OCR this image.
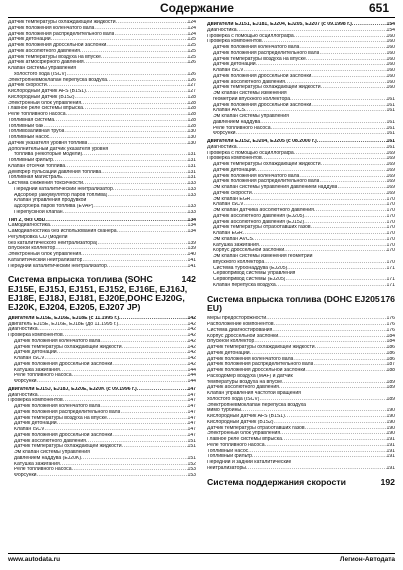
Содержание	651
Датчик температуры охлаждающей жидкости .....	124
Датчик положения коленчатого вала .....	124
Датчик положения распределительного вала .....	124
Датчик детонации .....	125
Датчик положения дроссельной заслонки .....	125
Датчик абсолютного давления .....	125
Датчик температуры воздуха на впуске .....	125
Датчик атмосферного давления .....	126
Клапан системы управления
холостого хода (ISCV) .....	126
Электропневмоклапан перепуска воздуха .....	126
Датчик скорости .....	127
Кислородный датчик AFS (B1S1) .....	127
Кислородный датчик (B1S2) .....	128
Электронный блок управления .....	128
Главное реле системы впрыска .....	128
Реле топливного насоса .....	128
Топливная система .....	128
Топливный бак .....	128
Топливозаливная труба .....	130
Топливный насос .....	130
Датчик указателя уровня топлива .....	130
Дополнительный датчик указателя уровня
топлива (некоторые модели) .....	131
Топливный фильтр .....	131
Клапан отсечки топлива .....	131
Демпфер пульсаций давления топлива .....	131
Топливная магистраль .....	131
Система снижения токсичности .....	133
Передний каталитический нейтрализатор .....	133
Адсорбер (аккумулятор паров топлива) .....	133
Клапан управления продувкой
адсорбера паров топлива (EVAP) .....	133
Перепускной клапан .....	133
Тип 2, без OBD .....	134
Самодиагностика .....	134
Самодиагностика без использования сканера .....	134
Регулировка CO (модели
без каталитического нейтрализатора) .....	139
Впускной коллектор .....	139
Электронный блок управления .....	140
Каталитический нейтрализатор .....	141
Передний каталитический нейтрализатор .....	141
142
Система впрыска топлива (SOHC EJ15E, EJ15J, EJ151, EJ152, EJ16E, EJ16J, EJ18E, EJ18J, EJ181, EJ20E,DOHC EJ20G, EJ20K, EJ204, EJ205, EJ207 JP)
Двигатели EJ15E, EJ16E, EJ18E (с 11.1995 г.) .....	142
Двигатель EJ15E, EJ16E, EJ18E (до 11.1995 г.) .....	142
Диагностика .....	142
Проверка компонентов .....	142
Датчик положения коленчатого вала .....	142
Датчик температуры охлаждающей жидкости .....	142
Датчик детонации .....	142
Клапан ISCV .....	142
Датчик положения дроссельной заслонки .....	142
Катушка зажигания .....	144
Реле топливного насоса .....	144
Форсунки .....	144
Двигатели EJ15J, EJ18J, EJ20E, EJ20K (с 09.1996 г.) .....	147
Диагностика .....	147
Проверка компонентов .....	147
Датчик положения коленчатого вала .....	147
Датчик положения распределительного вала .....	147
Датчик температуры воздуха на впуске .....	147
Датчик детонации .....	147
Клапан ISCV .....	147
Датчик положения дроссельной заслонки .....	147
Датчик абсолютного давления .....	151
Датчик температуры охлаждающей жидкости .....	151
Эм клапан системы управления
давлением наддува (EJ20K) .....	151
Катушка зажигания .....	152
Реле топливного насоса .....	153
Форсунки .....	153
Двигатели EJ151, EJ181, EJ204, EJ205, EJ207 (с 09.1998 г.) .....	154
Диагностика .....	154
Проверка с помощью осциллографа .....	160
Проверка компонентов .....	160
Датчик положения коленчатого вала .....	160
Датчик положения распределительного вала .....	160
Датчик температуры воздуха на впуске .....	160
Датчик детонации .....	160
Клапан ISCV .....	160
Датчик положения дроссельной заслонки .....	160
Датчик абсолютного давления .....	160
Датчик температуры охлаждающей жидкости .....	160
Эм клапан системы изменения
геометрии впускного коллектора .....	161
Датчик положения дроссельной заслонки .....	161
Клапан AVCS .....	161
Эм клапан системы управления
давлением наддува .....	161
Реле топливного насоса .....	161
Форсунки .....	161
Двигатели EJ152, EJ204, EJ205 (с 08.2000 г.) .....	161
Диагностика .....	161
Проверка с помощью осциллографа .....	169
Проверка компонентов .....	169
Датчик температуры охлаждающей жидкости .....	169
Датчик детонации .....	169
Датчик положения коленчатого вала .....	169
Датчик положения распределительного вала .....	169
Эм клапан системы управления давлением наддува .....	169
Датчик скорости .....	169
Эм клапан EGR .....	170
Клапан ISCV .....	170
Эм клапан датчика абсолютного давления .....	170
Датчик абсолютного давления (EJ205) .....	170
Датчик абсолютного давления (EJ152) .....	170
Датчик температуры отработавших газов .....	170
Клапан EGR .....	170
Эм клапан AVCS .....	170
Катушка зажигания .....	170
Корпус дроссельной заслонки .....	170
Эм клапан системы изменения геометрии
впускного коллектора .....	170
Система турбонаддува (EJ205) .....	171
Сервопривод системы управления
Сервопривод системы (EJ205) .....	171
Клапан перепуска воздуха .....	171
176
Система впрыска топлива (DOHC EJ205 EU)
Меры предосторожности .....	176
Расположение компонентов .....	176
Система диагностирования .....	176
Корпус дроссельной заслонки .....	184
Впускной коллектор .....	184
Датчик температуры охлаждающей жидкости .....	186
Датчик детонации .....	186
Датчик положения коленчатого вала .....	186
Датчик положения распределительного вала .....	187
Датчик положения дроссельной заслонки .....	188
Расходомер воздуха (MAF) и датчик
температуры воздуха на впуске .....	189
Датчик абсолютного давления .....	189
Клапан управления частотой вращения
холостого хода (ISCV) .....	189
Электропневмоклапан перепуска воздуха
мимо турбины .....	190
Кислородный датчик AFS (B1S1) .....	190
Кислородный датчик (B1S2) .....	190
Датчик температуры отработавших газов .....	190
Электронный блок управления .....	190
Главное реле системы впрыска .....	191
Реле топливного насоса .....	191
Топливный насос .....	191
Топливный фильтр .....	191
Передний и задний каталитические
нейтрализаторы .....	191
192
Система поддержания скорости
www.autodata.ru	Легион-Автодата
